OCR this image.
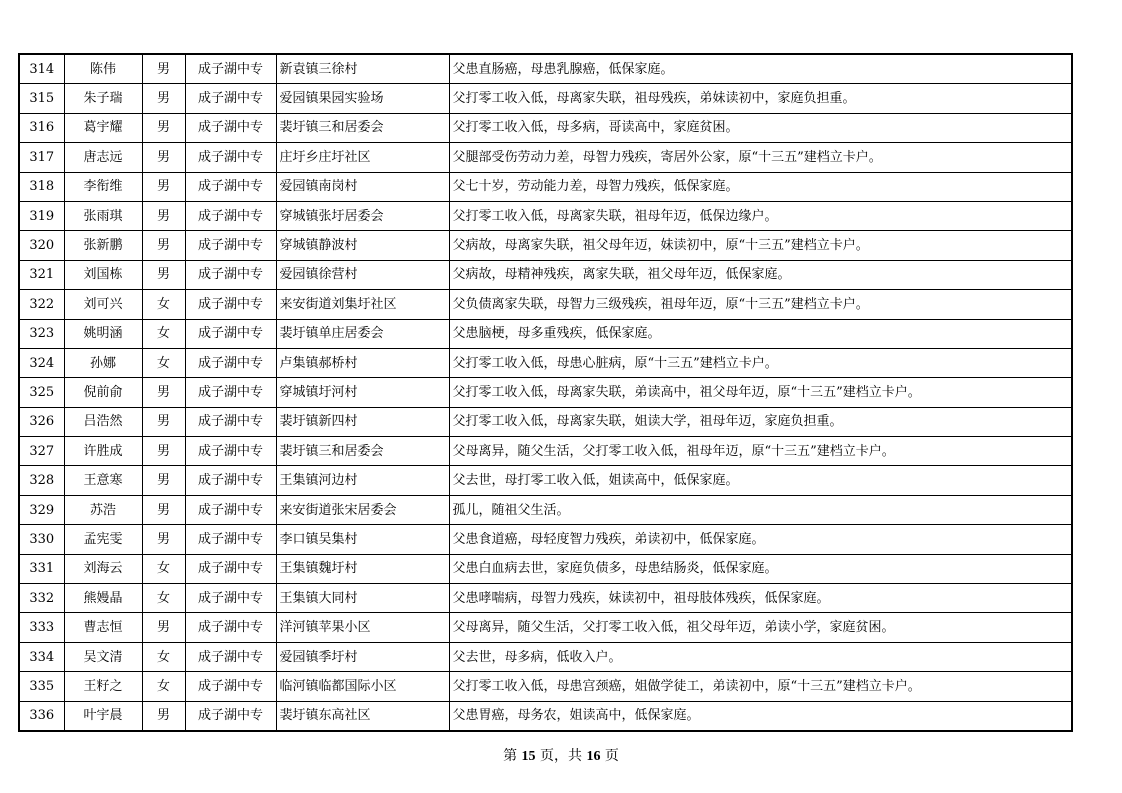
314	陈伟	男	成子湖中专	新袁镇三徐村	父患直肠癌，母患乳腺癌，低保家庭。
315	朱子瑞	男	成子湖中专	爱园镇果园实验场	父打零工收入低，母离家失联，祖母残疾，弟妹读初中，家庭负担重。
316	葛宇耀	男	成子湖中专	裴圩镇三和居委会	父打零工收入低，母多病，哥读高中，家庭贫困。
317	唐志远	男	成子湖中专	庄圩乡庄圩社区	父腿部受伤劳动力差，母智力残疾，寄居外公家，原“十三五”建档立卡户。
318	李衔维	男	成子湖中专	爱园镇南岗村	父七十岁，劳动能力差，母智力残疾，低保家庭。
319	张雨琪	男	成子湖中专	穿城镇张圩居委会	父打零工收入低，母离家失联，祖母年迈，低保边缘户。
320	张新鹏	男	成子湖中专	穿城镇静波村	父病故，母离家失联，祖父母年迈，妹读初中，原“十三五”建档立卡户。
321	刘国栋	男	成子湖中专	爱园镇徐营村	父病故，母精神残疾，离家失联，祖父母年迈，低保家庭。
322	刘可兴	女	成子湖中专	来安街道刘集圩社区	父负债离家失联，母智力三级残疾，祖母年迈，原“十三五”建档立卡户。
323	姚明涵	女	成子湖中专	裴圩镇单庄居委会	父患脑梗，母多重残疾，低保家庭。
324	孙娜	女	成子湖中专	卢集镇郝桥村	父打零工收入低，母患心脏病，原“十三五”建档立卡户。
325	倪前俞	男	成子湖中专	穿城镇圩河村	父打零工收入低，母离家失联，弟读高中，祖父母年迈，原“十三五”建档立卡户。
326	吕浩然	男	成子湖中专	裴圩镇新四村	父打零工收入低，母离家失联，姐读大学，祖母年迈，家庭负担重。
327	许胜成	男	成子湖中专	裴圩镇三和居委会	父母离异，随父生活，父打零工收入低，祖母年迈，原“十三五”建档立卡户。
328	王意寒	男	成子湖中专	王集镇河边村	父去世，母打零工收入低，姐读高中，低保家庭。
329	苏浩	男	成子湖中专	来安街道张宋居委会	孤儿，随祖父生活。
330	孟宪雯	男	成子湖中专	李口镇吴集村	父患食道癌，母轻度智力残疾，弟读初中，低保家庭。
331	刘海云	女	成子湖中专	王集镇魏圩村	父患白血病去世，家庭负债多，母患结肠炎，低保家庭。
332	熊嫚晶	女	成子湖中专	王集镇大同村	父患哮喘病，母智力残疾，妹读初中，祖母肢体残疾，低保家庭。
333	曹志恒	男	成子湖中专	洋河镇苹果小区	父母离异，随父生活，父打零工收入低，祖父母年迈，弟读小学，家庭贫困。
334	吴文清	女	成子湖中专	爱园镇季圩村	父去世，母多病，低收入户。
335	王籽之	女	成子湖中专	临河镇临都国际小区	父打零工收入低，母患宫颈癌，姐做学徒工，弟读初中，原“十三五”建档立卡户。
336	叶宇晨	男	成子湖中专	裴圩镇东高社区	父患胃癌，母务农，姐读高中，低保家庭。
第 15 页，共 16 页
